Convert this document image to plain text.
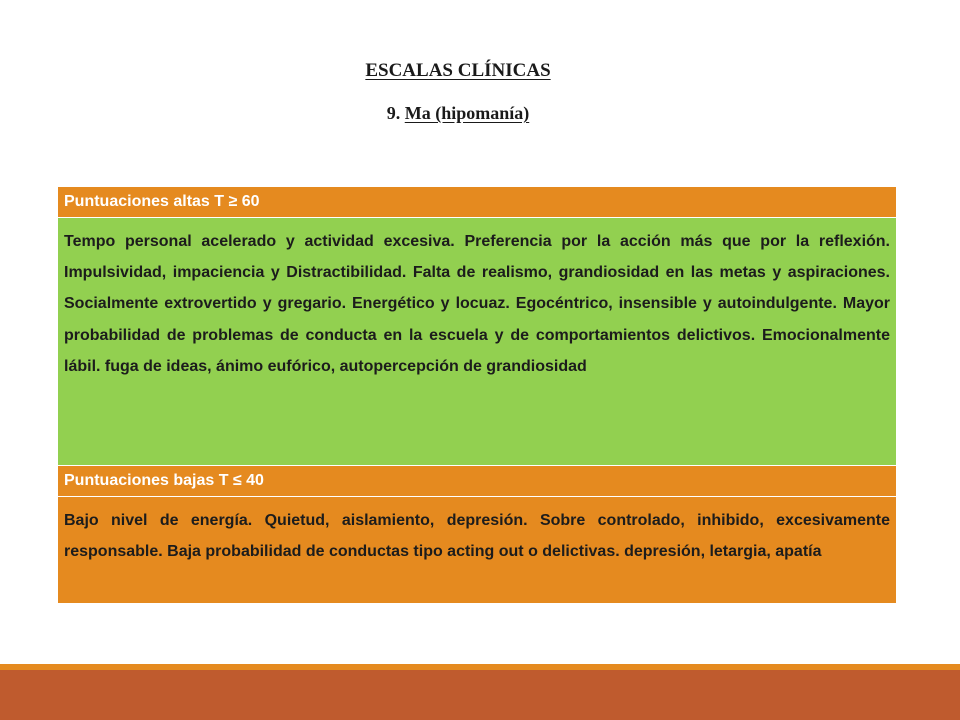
ESCALAS CLÍNICAS
9. Ma (hipomanía)
Puntuaciones altas T ≥ 60
Tempo personal acelerado y actividad excesiva. Preferencia por la acción más que por la reflexión. Impulsividad, impaciencia y Distractibilidad. Falta de realismo, grandiosidad en las metas y aspiraciones. Socialmente extrovertido y gregario. Energético y locuaz. Egocéntrico, insensible y autoindulgente. Mayor probabilidad de problemas de conducta en la escuela y de comportamientos delictivos. Emocionalmente lábil. fuga de ideas, ánimo eufórico, autopercepción de grandiosidad
Puntuaciones bajas T ≤ 40
Bajo nivel de energía. Quietud, aislamiento, depresión. Sobre controlado, inhibido, excesivamente responsable. Baja probabilidad de conductas tipo acting out o delictivas. depresión, letargia, apatía
